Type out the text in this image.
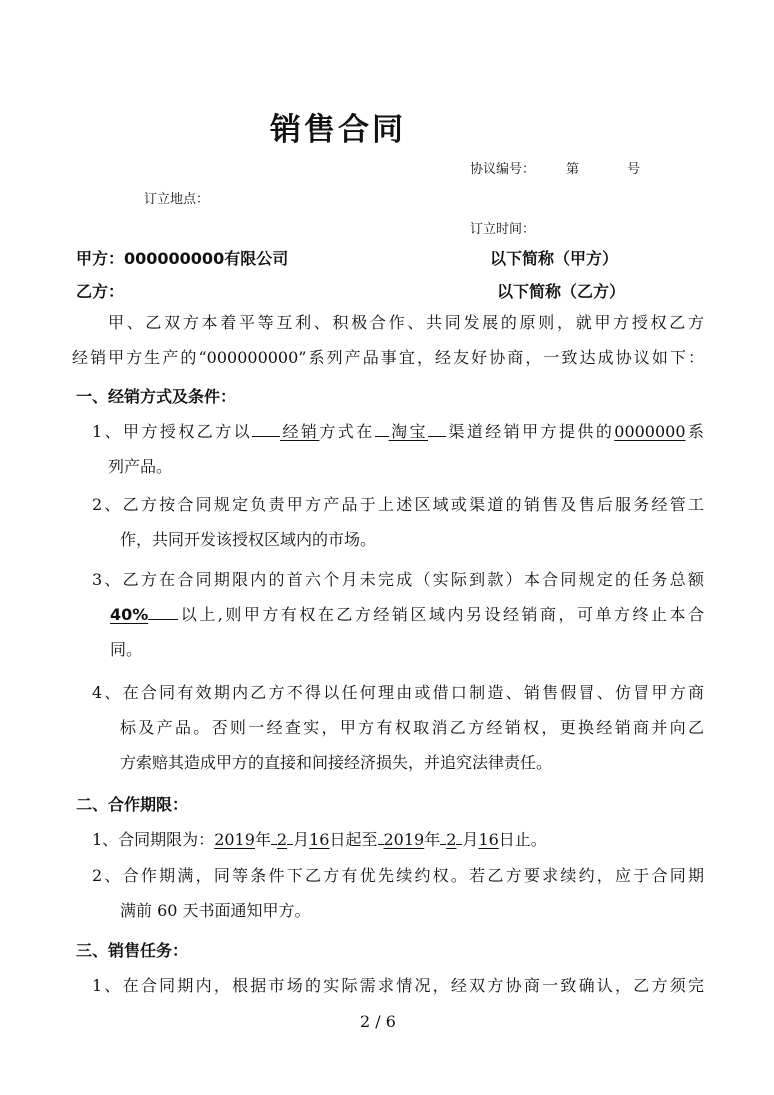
销售合同
协议编号： 第	号
订立地点：
订立时间：
甲方：000000000有限公司	以下简称（甲方）
乙方：	以下简称（乙方）
甲、乙双方本着平等互利、积极合作、共同发展的原则，就甲方授权乙方
经销甲方生产的“000000000”系列产品事宜，经友好协商，一致达成协议如下：
一、经销方式及条件：
1、甲方授权乙方以 经销方式在 淘宝 渠道经销甲方提供的0000000系
列产品。
2、乙方按合同规定负责甲方产品于上述区域或渠道的销售及售后服务经管工
作，共同开发该授权区域内的市场。
3、乙方在合同期限内的首六个月未完成（实际到款）本合同规定的任务总额
40% 以上,则甲方有权在乙方经销区域内另设经销商，可单方终止本合
同。
4、在合同有效期内乙方不得以任何理由或借口制造、销售假冒、仿冒甲方商
标及产品。否则一经查实，甲方有权取消乙方经销权，更换经销商并向乙
方索赔其造成甲方的直接和间接经济损失，并追究法律责任。
二、合作期限：
1、合同期限为：2019年 2 月16日起至 2019年 2 月16日止。
2、合作期满，同等条件下乙方有优先续约权。若乙方要求续约，应于合同期
满前 60 天书面通知甲方。
三、销售任务：
1、在合同期内，根据市场的实际需求情况，经双方协商一致确认，乙方须完
2 / 6
